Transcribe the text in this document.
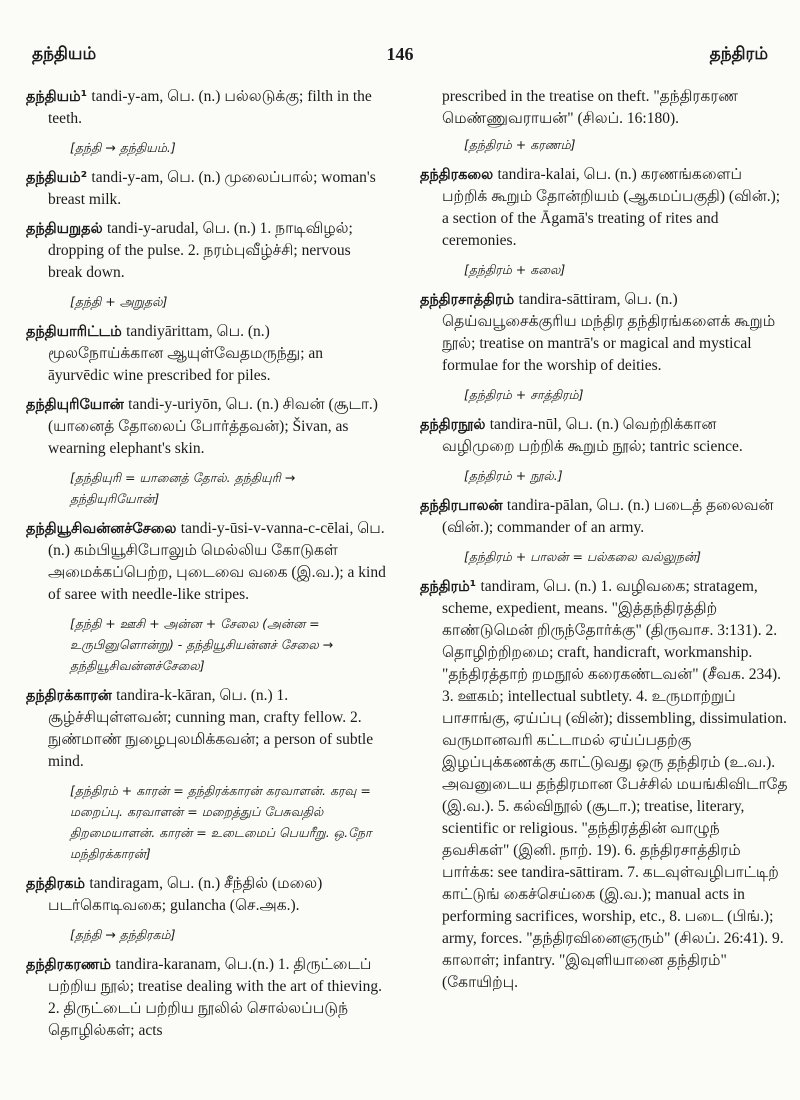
தந்தியம்	146	தந்திரம்
தந்தியம்¹ tandi-y-am, பெ. (n.) பல்லடுக்கு; filth in the teeth.
[தந்தி → தந்தியம்.]
தந்தியம்² tandi-y-am, பெ. (n.) முலைப்பால்; woman's breast milk.
தந்தியறுதல் tandi-y-arudal, பெ. (n.) 1. நாடிவிழல்; dropping of the pulse. 2. நரம்புவீழ்ச்சி; nervous break down.
[தந்தி + அறுதல்]
தந்தியாரிட்டம் tandiyārittam, பெ. (n.) மூலநோய்க்கான ஆயுள்வேதமருந்து; an āyurvēdic wine prescribed for piles.
தந்தியுரியோன் tandi-y-uriyōn, பெ. (n.) சிவன் (சூடா.) (யானைத் தோலைப் போர்த்தவன்); Šivan, as wearning elephant's skin.
[தந்தியுரி = யானைத் தோல். தந்தியுரி → தந்தியுரியோன்]
தந்தியூசிவன்னச்சேலை tandi-y-ūsi-v-vanna-c-cēlai, பெ.(n.) கம்பியூசிபோலும் மெல்லிய கோடுகள் அமைக்கப்பெற்ற, புடைவை வகை (இ.வ.); a kind of saree with needle-like stripes.
[தந்தி + ஊசி + அன்ன + சேலை (அன்ன = உருபினுளொன்று) - தந்தியூசியன்னச் சேலை → தந்தியூசிவன்னச்சேலை]
தந்திரக்காரன் tandira-k-kāran, பெ. (n.) 1. சூழ்ச்சியுள்ளவன்; cunning man, crafty fellow. 2. நுண்மாண் நுழைபுலமிக்கவன்; a person of subtle mind.
[தந்திரம் + காரன் = தந்திரக்காரன் கரவாளன். கரவு = மறைப்பு. கரவாளன் = மறைத்துப் பேசுவதில் திறமையாளன். காரன் = உடைமைப் பெயரீறு. ஒ.நோ மந்திரக்காரன்]
தந்திரகம் tandiragam, பெ. (n.) சீந்தில் (மலை) படர்கொடிவகை; gulancha (செ.அக.).
[தந்தி → தந்திரகம்]
தந்திரகரணம் tandira-karanam, பெ.(n.) 1. திருட்டைப் பற்றிய நூல்; treatise dealing with the art of thieving. 2. திருட்டைப் பற்றிய நூலில் சொல்லப்படுந் தொழில்கள்; acts
prescribed in the treatise on theft. "தந்திரகரண மெண்ணுவராயன்" (சிலப். 16:180).
[தந்திரம் + கரணம்]
தந்திரகலை tandira-kalai, பெ. (n.) கரணங்களைப் பற்றிக் கூறும் தோன்றியம் (ஆகமப்பகுதி) (வின்.); a section of the Āgamā's treating of rites and ceremonies.
[தந்திரம் + கலை]
தந்திரசாத்திரம் tandira-sāttiram, பெ. (n.) தெய்வபூசைக்குரிய மந்திர தந்திரங்களைக் கூறும் நூல்; treatise on mantrā's or magical and mystical formulae for the worship of deities.
[தந்திரம் + சாத்திரம்]
தந்திரநூல் tandira-nūl, பெ. (n.) வெற்றிக்கான வழிமுறை பற்றிக் கூறும் நூல்; tantric science.
[தந்திரம் + நூல்.]
தந்திரபாலன் tandira-pālan, பெ. (n.) படைத் தலைவன் (வின்.); commander of an army.
[தந்திரம் + பாலன் = பல்கலை வல்லுநன்]
தந்திரம்¹ tandiram, பெ. (n.) 1. வழிவகை; stratagem, scheme, expedient, means. "இத்தந்திரத்திற் காண்டுமென் றிருந்தோர்க்கு" (திருவாச. 3:131). 2. தொழிற்றிறமை; craft, handicraft, workmanship. "தந்திரத்தாற் றமநூல் கரைகண்டவன்" (சீவக. 234). 3. ஊகம்; intellectual subtlety. 4. உருமாற்றுப் பாசாங்கு, ஏய்ப்பு (வின்); dissembling, dissimulation. வருமானவரி கட்டாமல் ஏய்ப்பதற்கு இழப்புக்கணக்கு காட்டுவது ஒரு தந்திரம் (உ.வ.). அவனுடைய தந்திரமான பேச்சில் மயங்கிவிடாதே (இ.வ.). 5. கல்விநூல் (சூடா.); treatise, literary, scientific or religious. "தந்திரத்தின் வாழுந் தவசிகள்" (இனி. நாற். 19). 6. தந்திரசாத்திரம் பார்க்க: see tandira-sāttiram. 7. கடவுள்வழிபாட்டிற் காட்டுங் கைச்செய்கை (இ.வ.); manual acts in performing sacrifices, worship, etc., 8. படை (பிங்.); army, forces. "தந்திரவினைஞரும்" (சிலப். 26:41). 9. காலாள்; infantry. "இவுளியானை தந்திரம்" (கோயிற்பு.
